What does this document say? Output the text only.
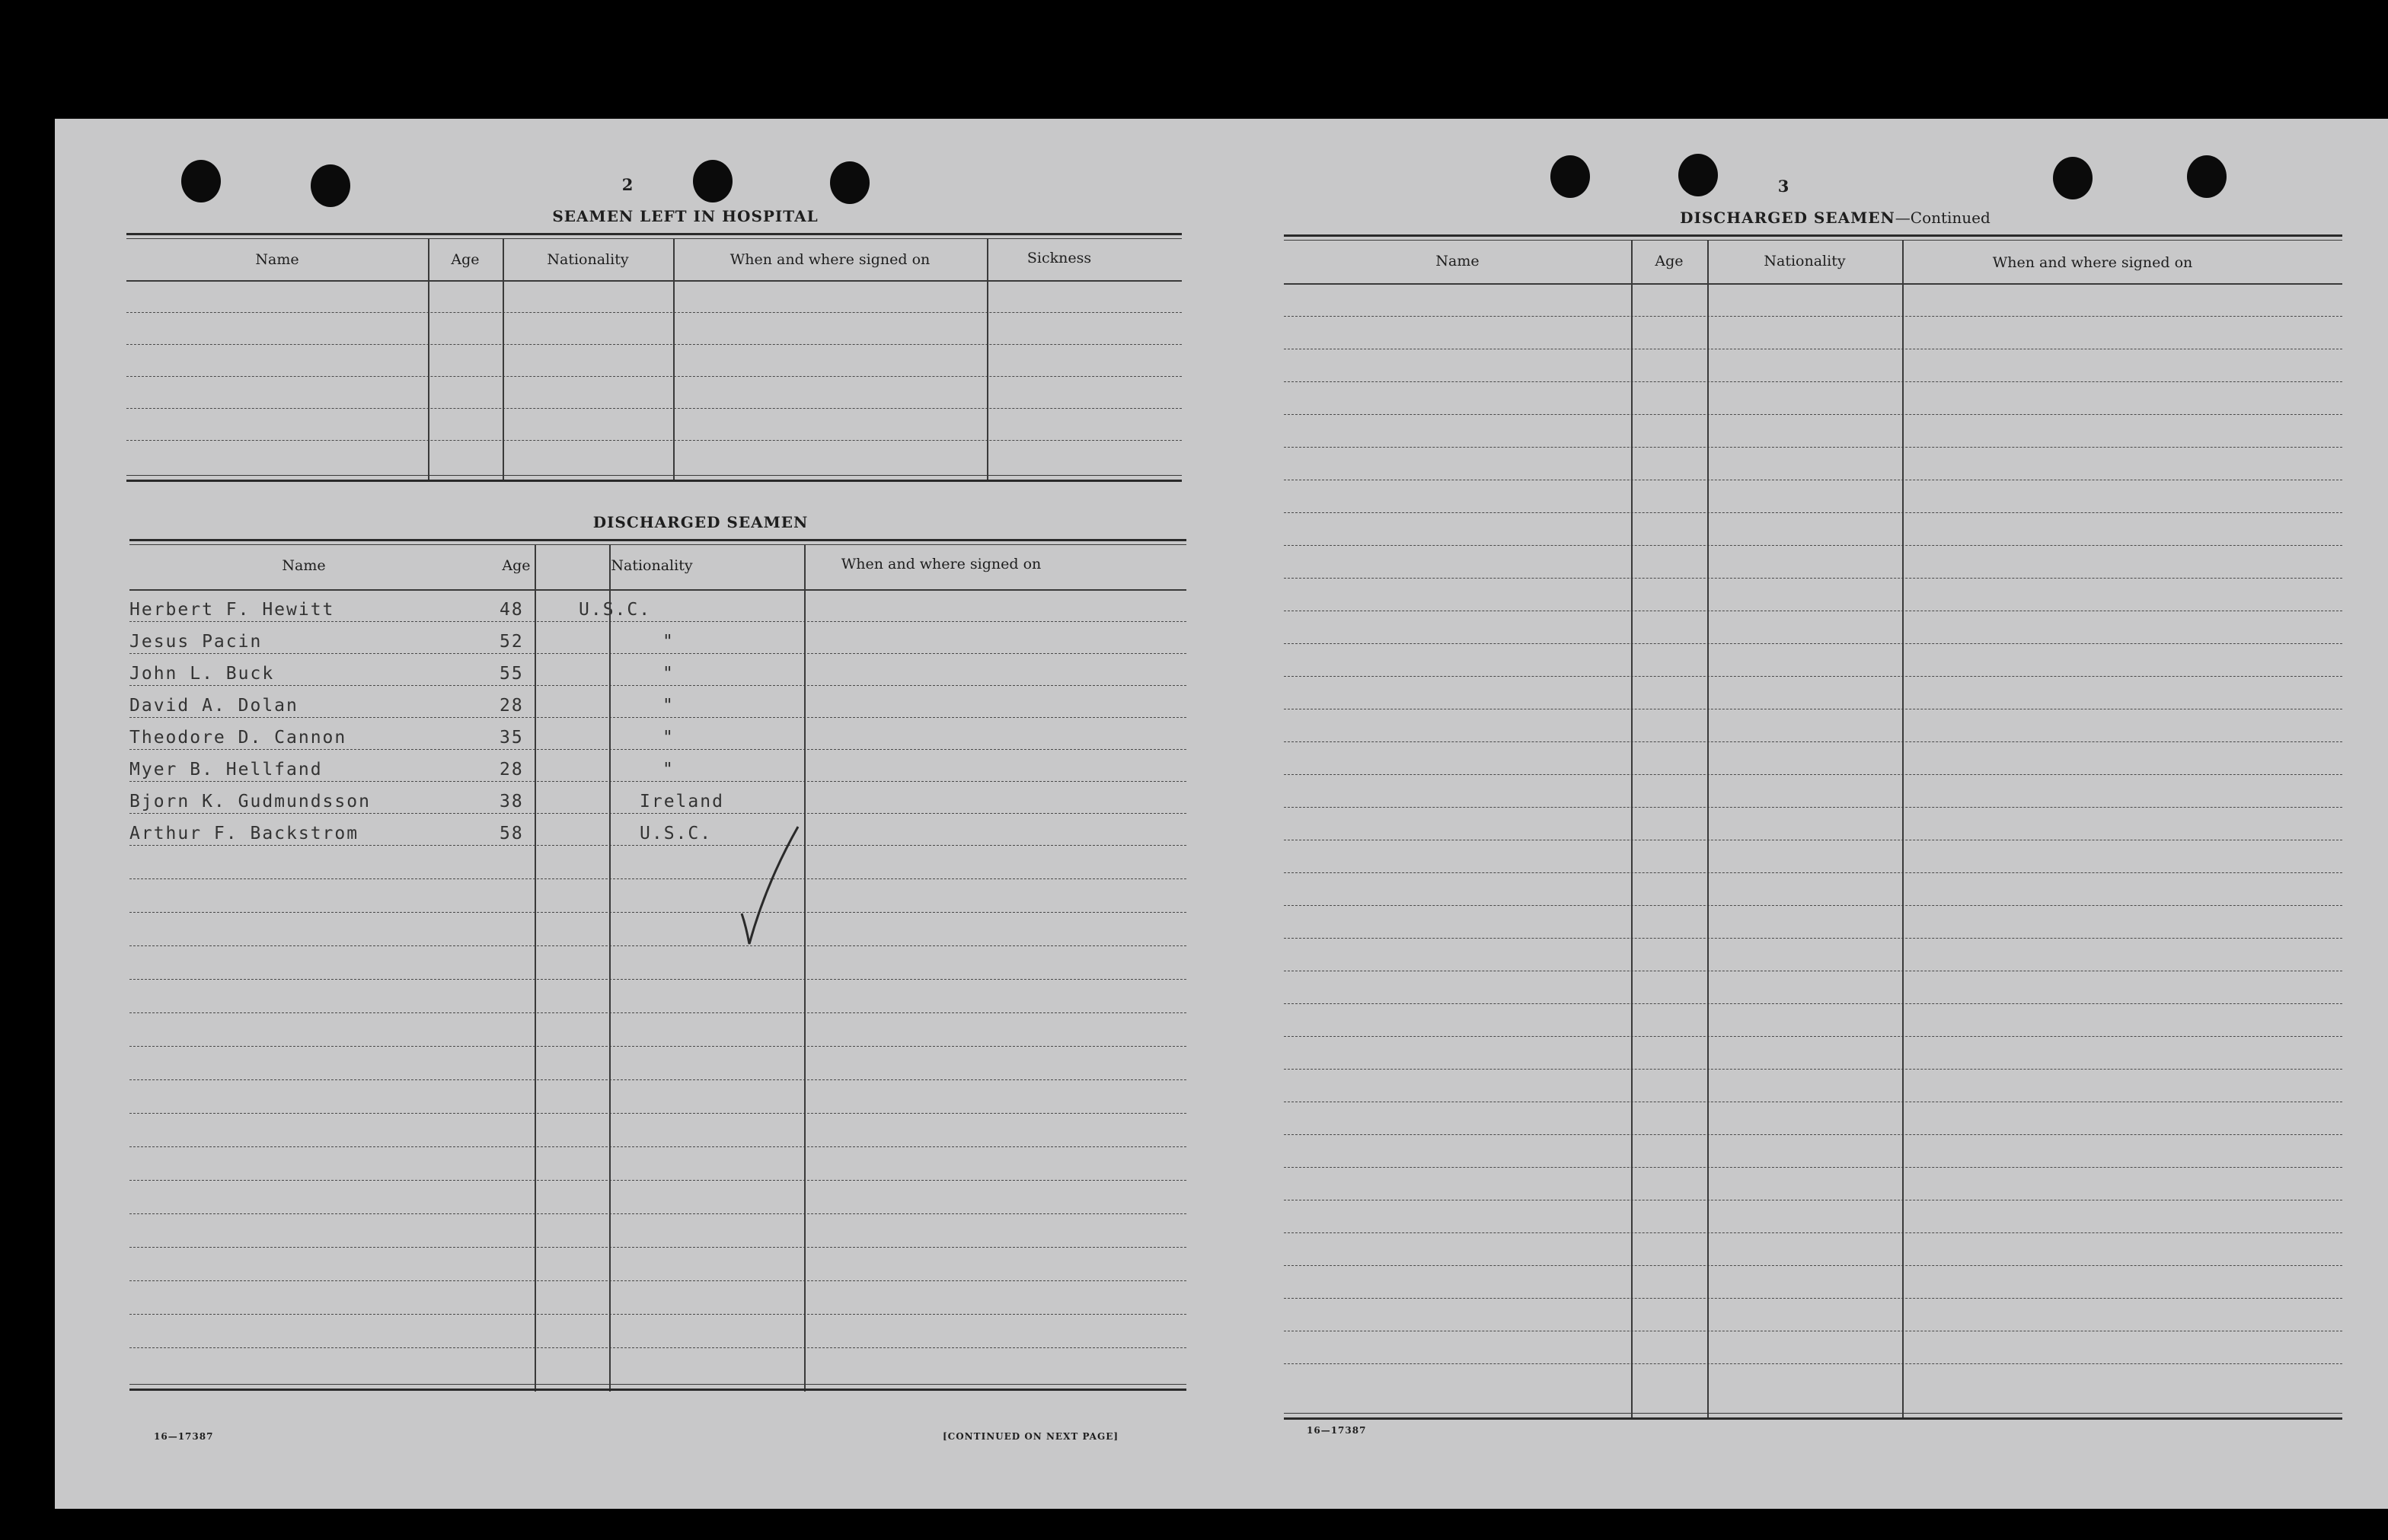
2
SEAMEN LEFT IN HOSPITAL
Name	Age	Nationality	When and where signed on	Sickness
DISCHARGED SEAMEN
Name	Age	Nationality	When and where signed on
Herbert F. Hewitt	48	U.S.C.
Jesus Pacin	52	"
John L. Buck	55	"
David A. Dolan	28	"
Theodore D. Cannon	35	"
Myer B. Hellfand	28	"
Bjorn K. Gudmundsson	38	Ireland
Arthur F. Backstrom	58	U.S.C.
16—17387	[CONTINUED ON NEXT PAGE]
3
DISCHARGED SEAMEN—Continued
Name	Age	Nationality	When and where signed on
16—17387
